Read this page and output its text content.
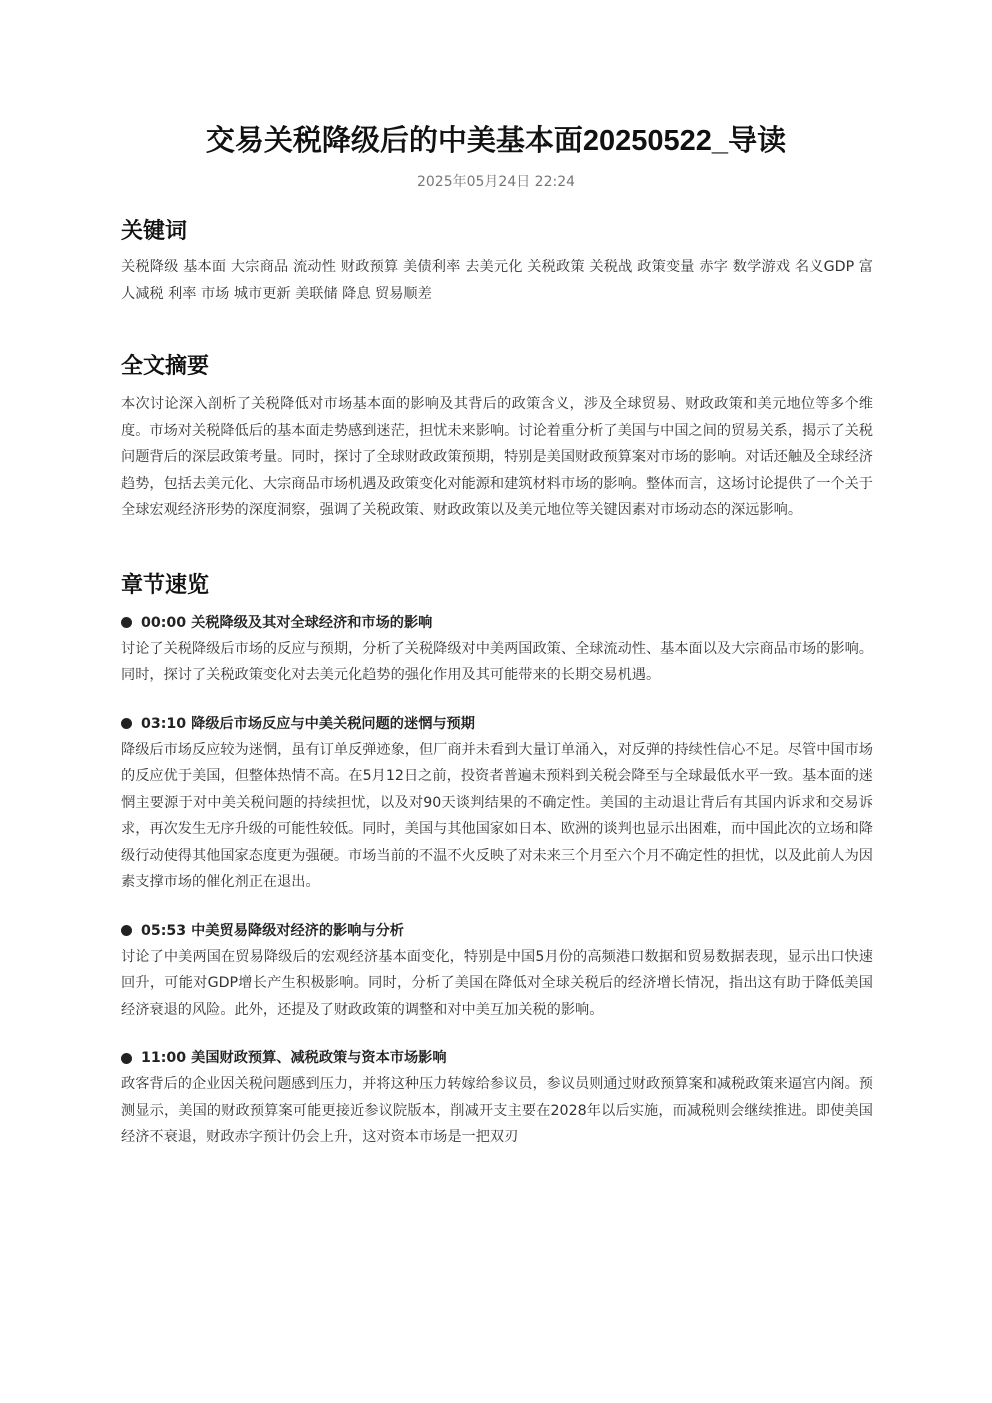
交易关税降级后的中美基本面20250522_导读
2025年05月24日 22:24
关键词

关税降级 基本面 大宗商品 流动性 财政预算 美债利率 去美元化 关税政策 关税战 政策变量 赤字 数学游戏 名义GDP 富人减税 利率 市场 城市更新 美联储 降息 贸易顺差

全文摘要

本次讨论深入剖析了关税降低对市场基本面的影响及其背后的政策含义，涉及全球贸易、财政政策和美元地位等多个维度。市场对关税降低后的基本面走势感到迷茫，担忧未来影响。讨论着重分析了美国与中国之间的贸易关系，揭示了关税问题背后的深层政策考量。同时，探讨了全球财政政策预期，特别是美国财政预算案对市场的影响。对话还触及全球经济趋势，包括去美元化、大宗商品市场机遇及政策变化对能源和建筑材料市场的影响。整体而言，这场讨论提供了一个关于全球宏观经济形势的深度洞察，强调了关税政策、财政政策以及美元地位等关键因素对市场动态的深远影响。

章节速览
00:00 关税降级及其对全球经济和市场的影响

讨论了关税降级后市场的反应与预期，分析了关税降级对中美两国政策、全球流动性、基本面以及大宗商品市场的影响。同时，探讨了关税政策变化对去美元化趋势的强化作用及其可能带来的长期交易机遇。

03:10 降级后市场反应与中美关税问题的迷惘与预期

降级后市场反应较为迷惘，虽有订单反弹迹象，但厂商并未看到大量订单涌入，对反弹的持续性信心不足。尽管中国市场的反应优于美国，但整体热情不高。在5月12日之前，投资者普遍未预料到关税会降至与全球最低水平一致。基本面的迷惘主要源于对中美关税问题的持续担忧，以及对90天谈判结果的不确定性。美国的主动退让背后有其国内诉求和交易诉求，再次发生无序升级的可能性较低。同时，美国与其他国家如日本、欧洲的谈判也显示出困难，而中国此次的立场和降级行动使得其他国家态度更为强硬。市场当前的不温不火反映了对未来三个月至六个月不确定性的担忧，以及此前人为因素支撑市场的催化剂正在退出。

05:53 中美贸易降级对经济的影响与分析

讨论了中美两国在贸易降级后的宏观经济基本面变化，特别是中国5月份的高频港口数据和贸易数据表现，显示出口快速回升，可能对GDP增长产生积极影响。同时，分析了美国在降低对全球关税后的经济增长情况，指出这有助于降低美国经济衰退的风险。此外，还提及了财政政策的调整和对中美互加关税的影响。

11:00 美国财政预算、减税政策与资本市场影响

政客背后的企业因关税问题感到压力，并将这种压力转嫁给参议员，参议员则通过财政预算案和减税政策来逼宫内阁。预测显示，美国的财政预算案可能更接近参议院版本，削减开支主要在2028年以后实施，而减税则会继续推进。即使美国经济不衰退，财政赤字预计仍会上升，这对资本市场是一把双刃
